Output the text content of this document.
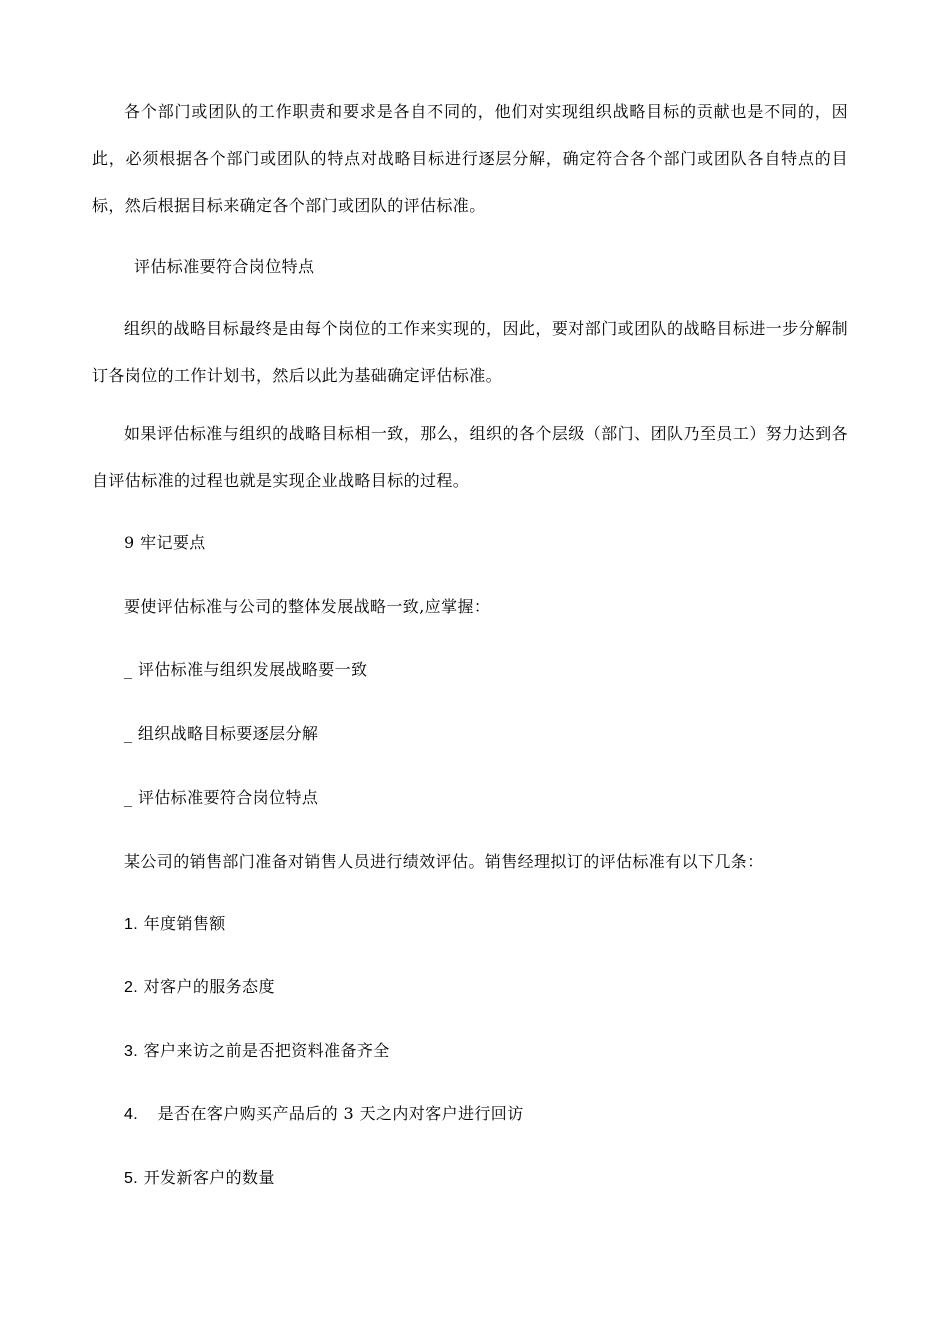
各个部门或团队的工作职责和要求是各自不同的，他们对实现组织战略目标的贡献也是不同的，因此，必须根据各个部门或团队的特点对战略目标进行逐层分解，确定符合各个部门或团队各自特点的目标，然后根据目标来确定各个部门或团队的评估标准。

评估标准要符合岗位特点

组织的战略目标最终是由每个岗位的工作来实现的，因此，要对部门或团队的战略目标进一步分解制订各岗位的工作计划书，然后以此为基础确定评估标准。

如果评估标准与组织的战略目标相一致，那么，组织的各个层级（部门、团队乃至员工）努力达到各自评估标准的过程也就是实现企业战略目标的过程。

9 牢记要点

要使评估标准与公司的整体发展战略一致,应掌握：

_ 评估标准与组织发展战略要一致

_ 组织战略目标要逐层分解

_ 评估标准要符合岗位特点

某公司的销售部门准备对销售人员进行绩效评估。销售经理拟订的评估标准有以下几条：

1. 年度销售额

2. 对客户的服务态度

3. 客户来访之前是否把资料准备齐全

4. 是否在客户购买产品后的 3 天之内对客户进行回访

5. 开发新客户的数量
